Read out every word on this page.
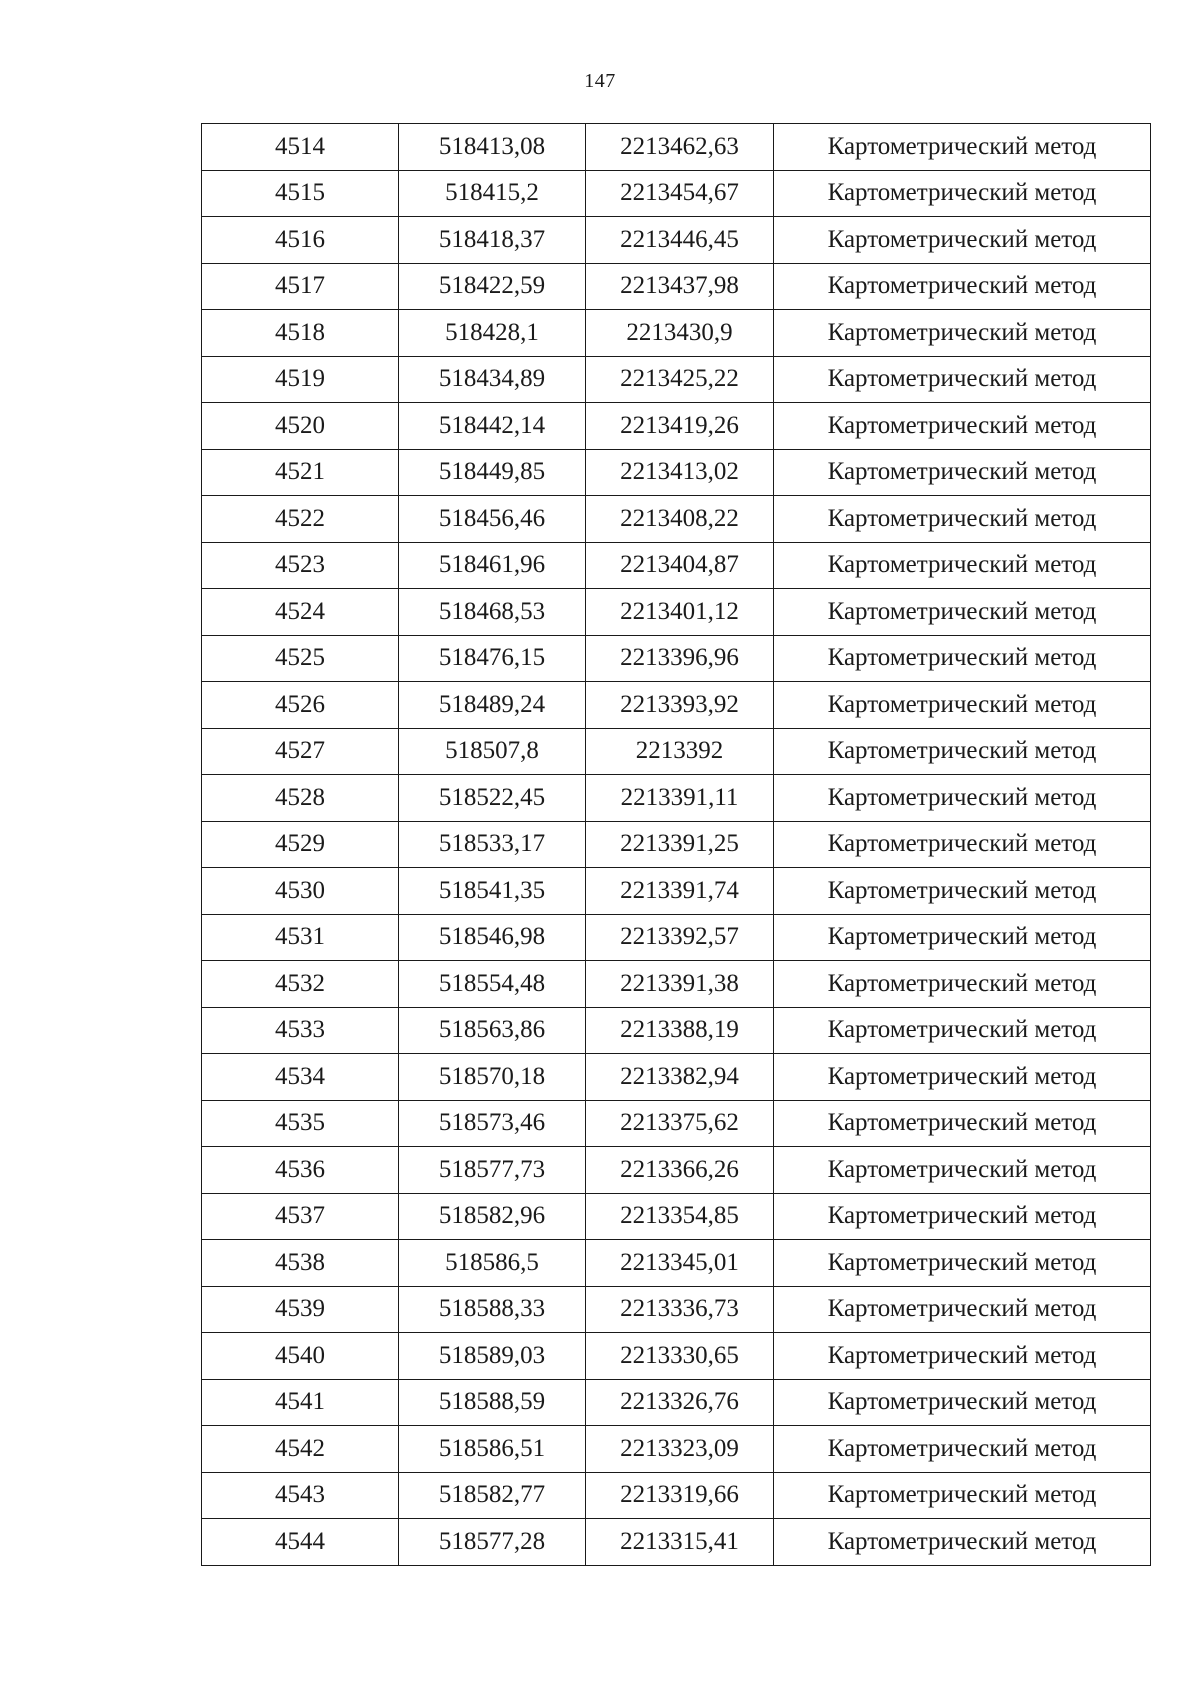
147
4514	518413,08	2213462,63	Картометрический метод
4515	518415,2	2213454,67	Картометрический метод
4516	518418,37	2213446,45	Картометрический метод
4517	518422,59	2213437,98	Картометрический метод
4518	518428,1	2213430,9	Картометрический метод
4519	518434,89	2213425,22	Картометрический метод
4520	518442,14	2213419,26	Картометрический метод
4521	518449,85	2213413,02	Картометрический метод
4522	518456,46	2213408,22	Картометрический метод
4523	518461,96	2213404,87	Картометрический метод
4524	518468,53	2213401,12	Картометрический метод
4525	518476,15	2213396,96	Картометрический метод
4526	518489,24	2213393,92	Картометрический метод
4527	518507,8	2213392	Картометрический метод
4528	518522,45	2213391,11	Картометрический метод
4529	518533,17	2213391,25	Картометрический метод
4530	518541,35	2213391,74	Картометрический метод
4531	518546,98	2213392,57	Картометрический метод
4532	518554,48	2213391,38	Картометрический метод
4533	518563,86	2213388,19	Картометрический метод
4534	518570,18	2213382,94	Картометрический метод
4535	518573,46	2213375,62	Картометрический метод
4536	518577,73	2213366,26	Картометрический метод
4537	518582,96	2213354,85	Картометрический метод
4538	518586,5	2213345,01	Картометрический метод
4539	518588,33	2213336,73	Картометрический метод
4540	518589,03	2213330,65	Картометрический метод
4541	518588,59	2213326,76	Картометрический метод
4542	518586,51	2213323,09	Картометрический метод
4543	518582,77	2213319,66	Картометрический метод
4544	518577,28	2213315,41	Картометрический метод
